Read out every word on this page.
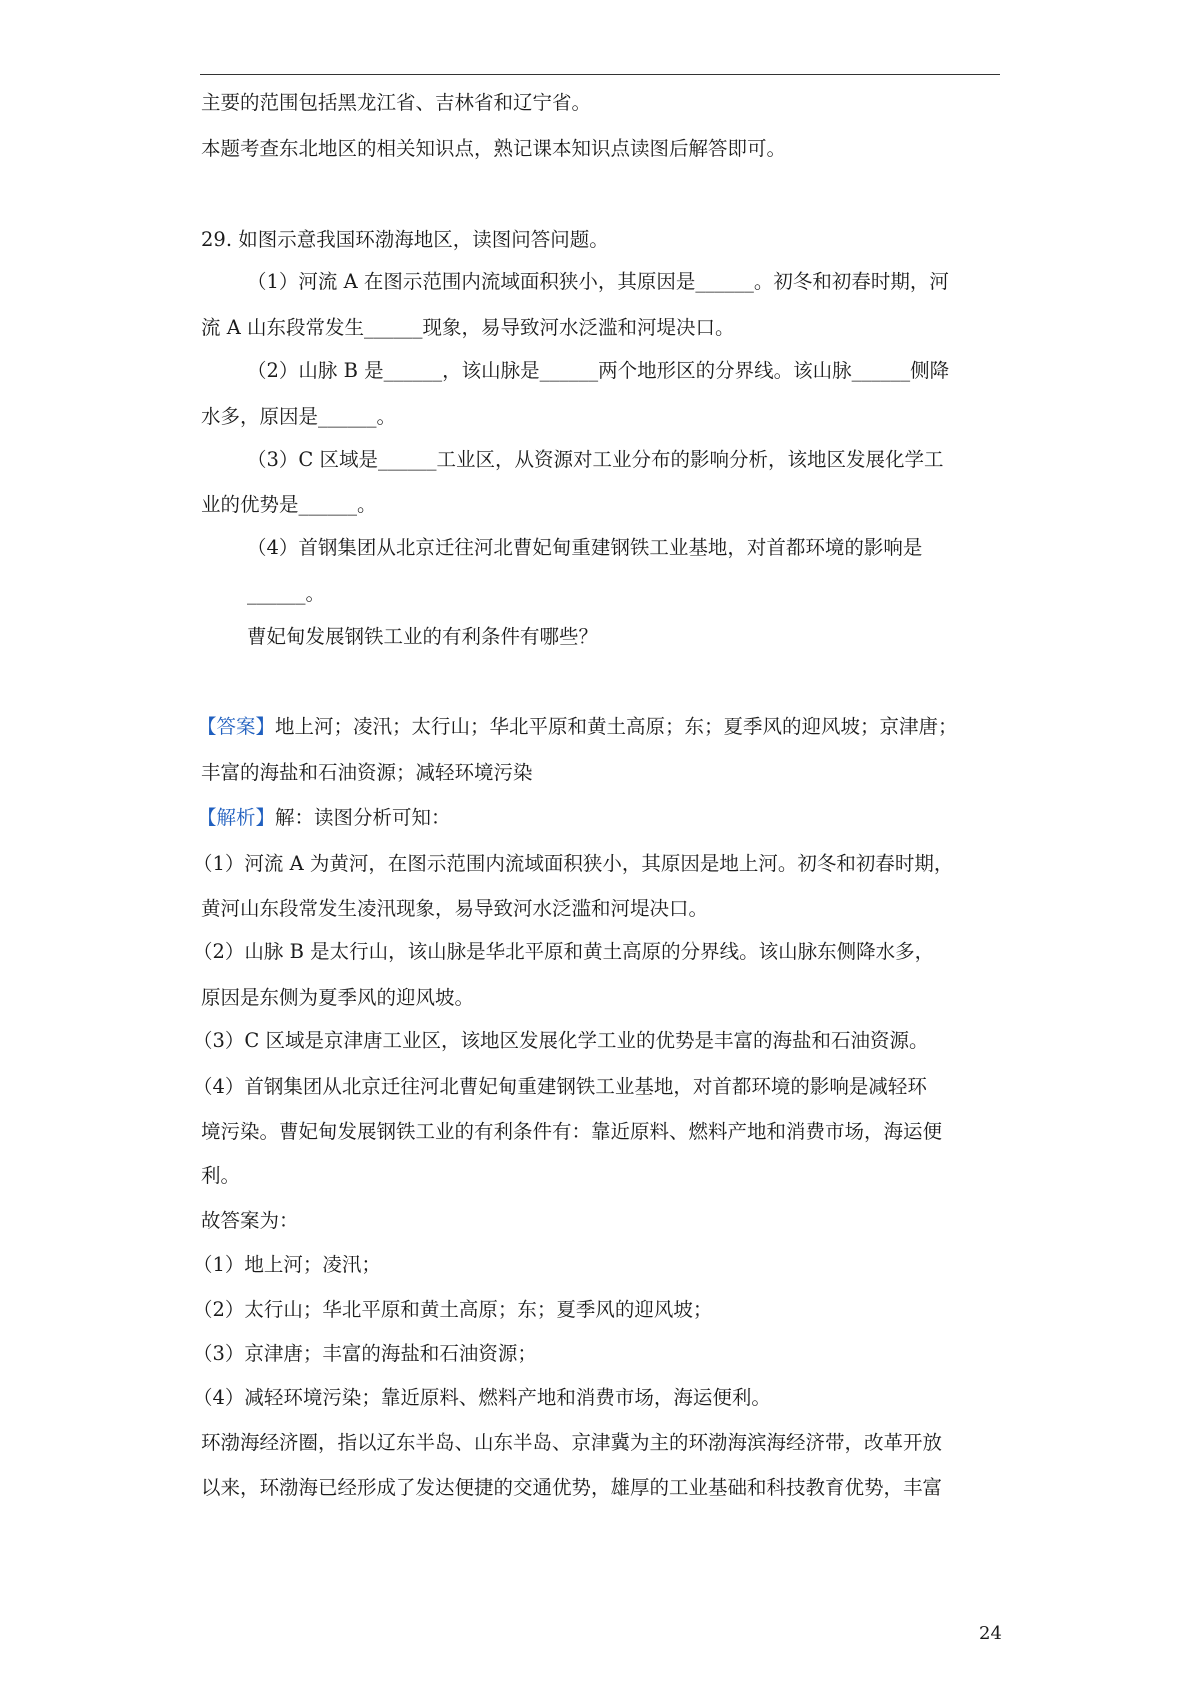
主要的范围包括黑龙江省、吉林省和辽宁省。
本题考查东北地区的相关知识点，熟记课本知识点读图后解答即可。
29. 如图示意我国环渤海地区，读图问答问题。
（1）河流 A 在图示范围内流域面积狭小，其原因是______。初冬和初春时期，河
流 A 山东段常发生______现象，易导致河水泛滥和河堤决口。
（2）山脉 B 是______，该山脉是______两个地形区的分界线。该山脉______侧降
水多，原因是______。
（3）C 区域是______工业区，从资源对工业分布的影响分析，该地区发展化学工
业的优势是______。
（4）首钢集团从北京迁往河北曹妃甸重建钢铁工业基地，对首都环境的影响是
______。
曹妃甸发展钢铁工业的有利条件有哪些？
【答案】地上河；凌汛；太行山；华北平原和黄土高原；东；夏季风的迎风坡；京津唐；
丰富的海盐和石油资源；减轻环境污染
【解析】解：读图分析可知：
（1）河流 A 为黄河，在图示范围内流域面积狭小，其原因是地上河。初冬和初春时期，
黄河山东段常发生凌汛现象，易导致河水泛滥和河堤决口。
（2）山脉 B 是太行山，该山脉是华北平原和黄土高原的分界线。该山脉东侧降水多，
原因是东侧为夏季风的迎风坡。
（3）C 区域是京津唐工业区，该地区发展化学工业的优势是丰富的海盐和石油资源。
（4）首钢集团从北京迁往河北曹妃甸重建钢铁工业基地，对首都环境的影响是减轻环
境污染。曹妃甸发展钢铁工业的有利条件有：靠近原料、燃料产地和消费市场，海运便
利。
故答案为：
（1）地上河；凌汛；
（2）太行山；华北平原和黄土高原；东；夏季风的迎风坡；
（3）京津唐；丰富的海盐和石油资源；
（4）减轻环境污染；靠近原料、燃料产地和消费市场，海运便利。
环渤海经济圈，指以辽东半岛、山东半岛、京津冀为主的环渤海滨海经济带，改革开放
以来，环渤海已经形成了发达便捷的交通优势，雄厚的工业基础和科技教育优势，丰富
24
